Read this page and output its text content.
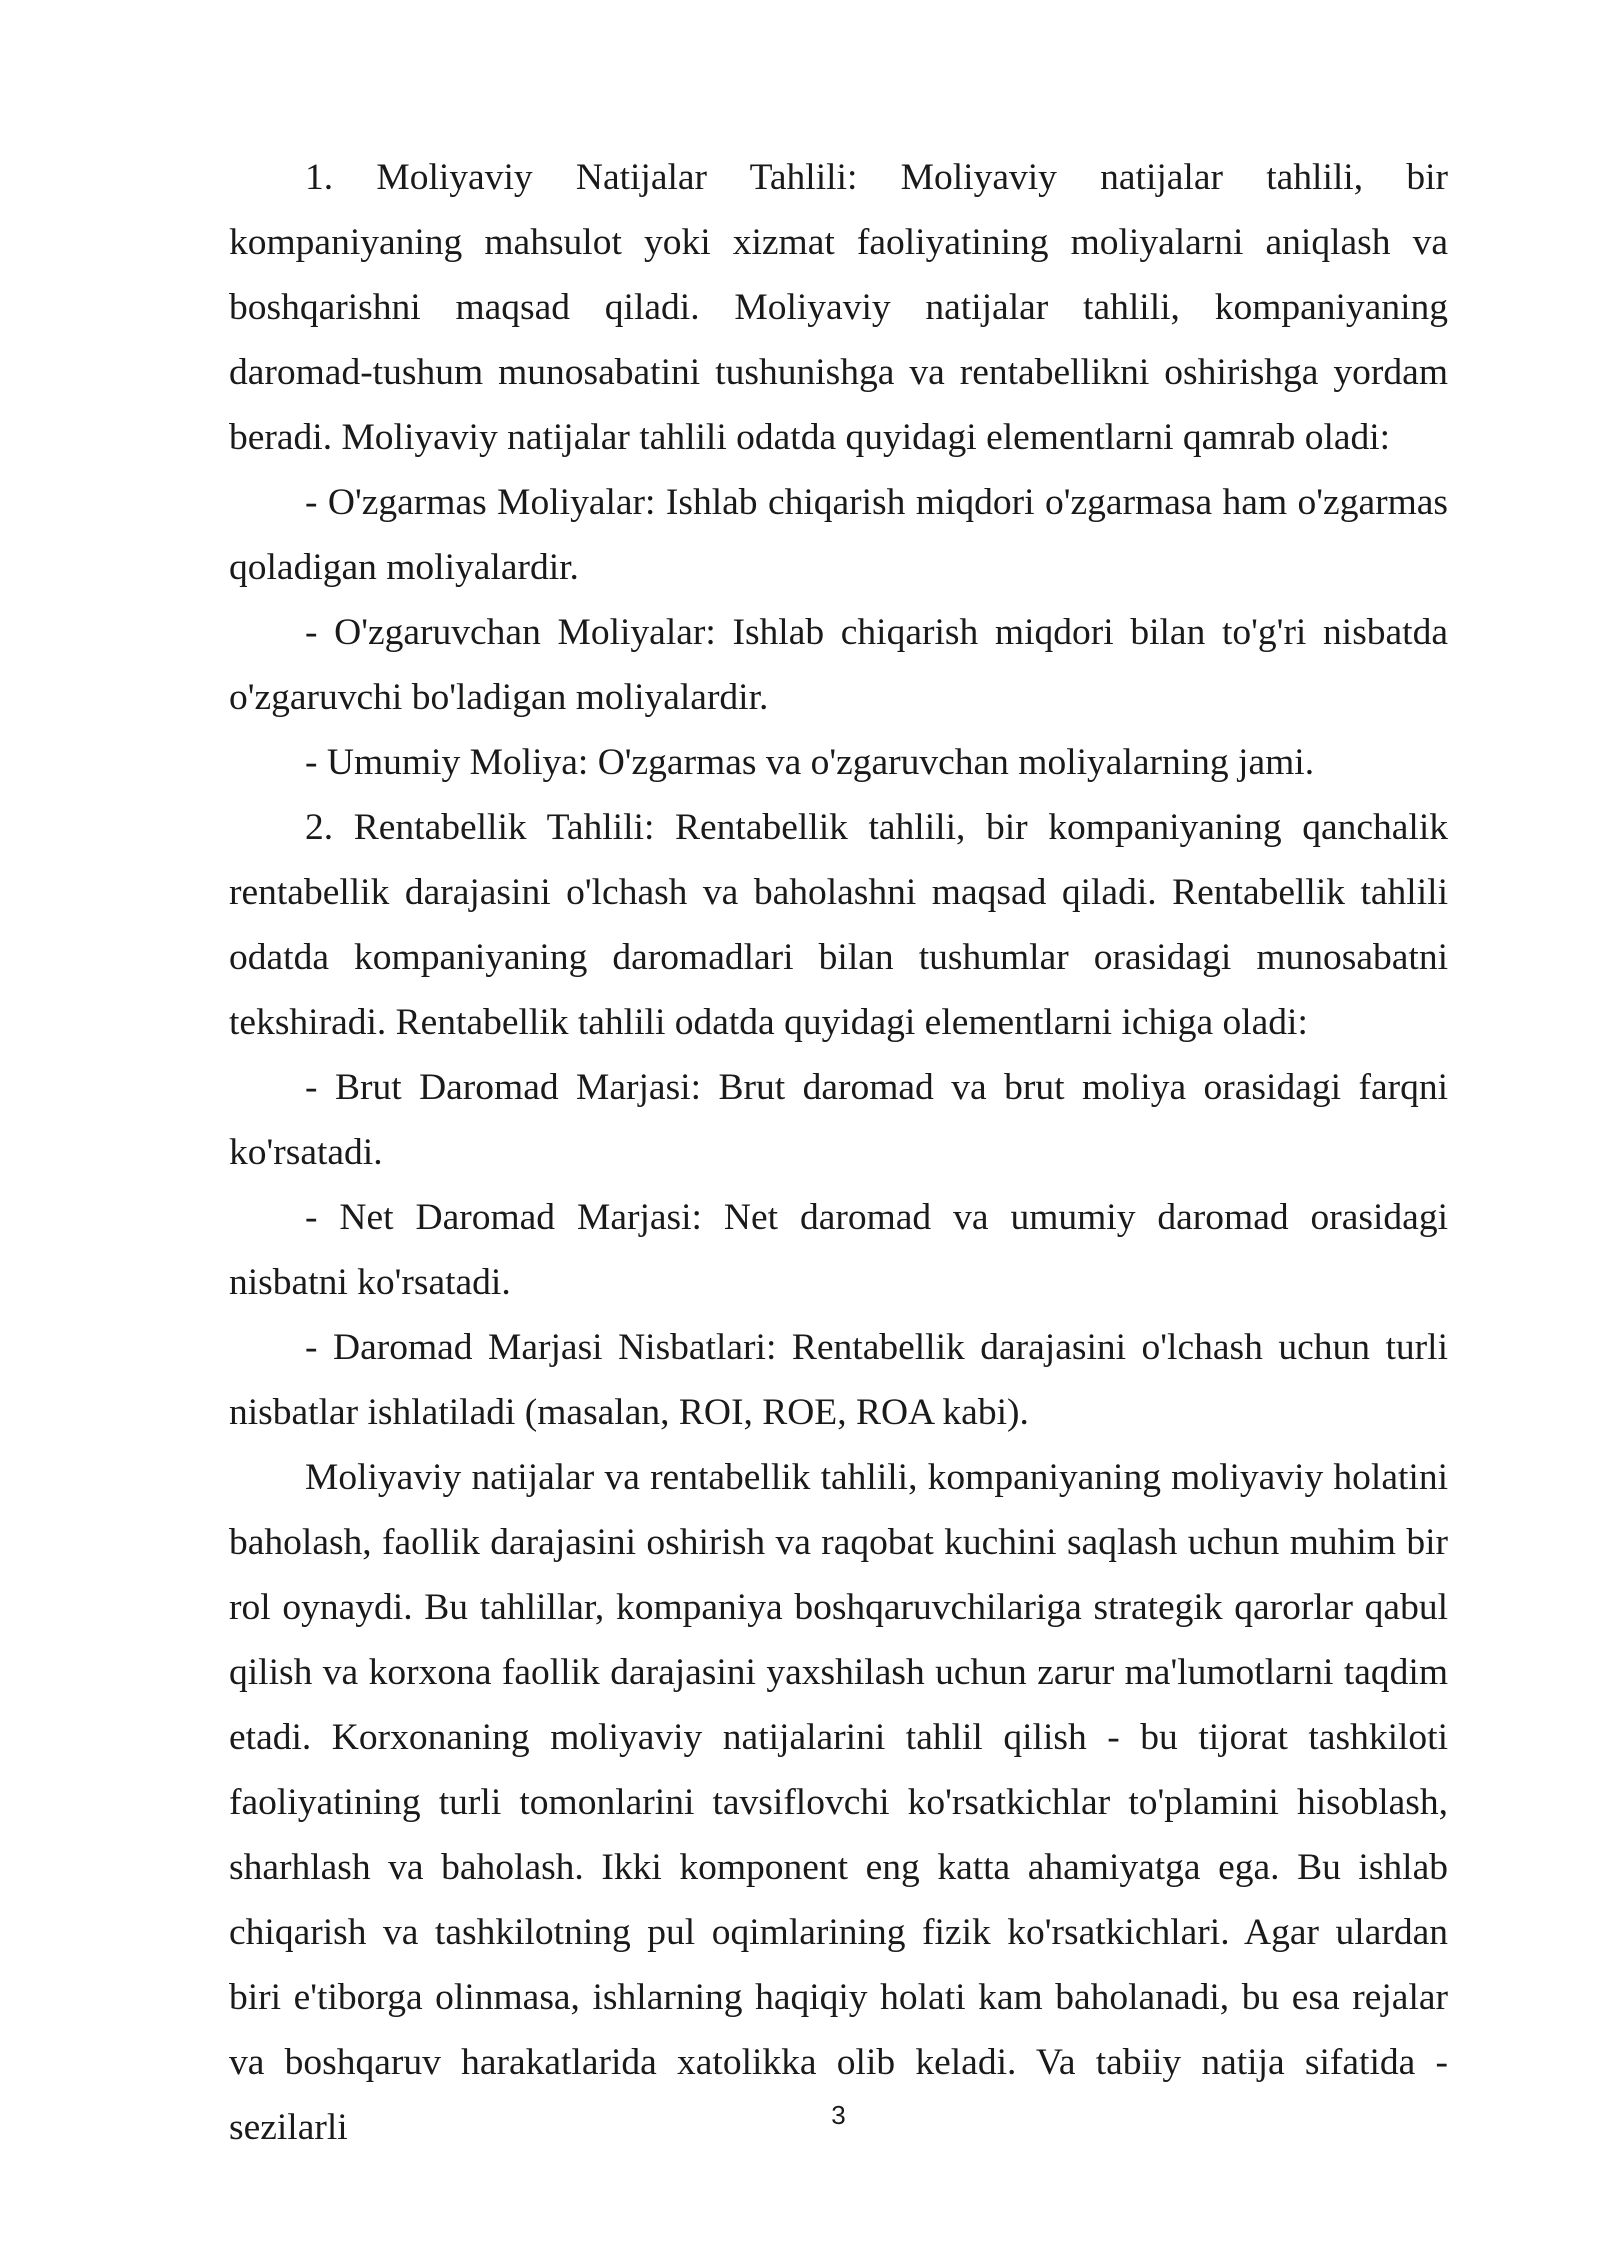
1. Moliyaviy Natijalar Tahlili: Moliyaviy natijalar tahlili, bir kompaniyaning mahsulot yoki xizmat faoliyatining moliyalarni aniqlash va boshqarishni maqsad qiladi. Moliyaviy natijalar tahlili, kompaniyaning daromad-tushum munosabatini tushunishga va rentabellikni oshirishga yordam beradi. Moliyaviy natijalar tahlili odatda quyidagi elementlarni qamrab oladi:

- O'zgarmas Moliyalar: Ishlab chiqarish miqdori o'zgarmasa ham o'zgarmas qoladigan moliyalardir.

- O'zgaruvchan Moliyalar: Ishlab chiqarish miqdori bilan to'g'ri nisbatda o'zgaruvchi bo'ladigan moliyalardir.

- Umumiy Moliya: O'zgarmas va o'zgaruvchan moliyalarning jami.

2. Rentabellik Tahlili: Rentabellik tahlili, bir kompaniyaning qanchalik rentabellik darajasini o'lchash va baholashni maqsad qiladi. Rentabellik tahlili odatda kompaniyaning daromadlari bilan tushumlar orasidagi munosabatni tekshiradi. Rentabellik tahlili odatda quyidagi elementlarni ichiga oladi:

- Brut Daromad Marjasi: Brut daromad va brut moliya orasidagi farqni ko'rsatadi.

- Net Daromad Marjasi: Net daromad va umumiy daromad orasidagi nisbatni ko'rsatadi.

- Daromad Marjasi Nisbatlari: Rentabellik darajasini o'lchash uchun turli nisbatlar ishlatiladi (masalan, ROI, ROE, ROA kabi).

Moliyaviy natijalar va rentabellik tahlili, kompaniyaning moliyaviy holatini baholash, faollik darajasini oshirish va raqobat kuchini saqlash uchun muhim bir rol oynaydi. Bu tahlillar, kompaniya boshqaruvchilariga strategik qarorlar qabul qilish va korxona faollik darajasini yaxshilash uchun zarur ma'lumotlarni taqdim etadi. Korxonaning moliyaviy natijalarini tahlil qilish - bu tijorat tashkiloti faoliyatining turli tomonlarini tavsiflovchi ko'rsatkichlar to'plamini hisoblash, sharhlash va baholash. Ikki komponent eng katta ahamiyatga ega. Bu ishlab chiqarish va tashkilotning pul oqimlarining fizik ko'rsatkichlari. Agar ulardan biri e'tiborga olinmasa, ishlarning haqiqiy holati kam baholanadi, bu esa rejalar va boshqaruv harakatlarida xatolikka olib keladi. Va tabiiy natija sifatida - sezilarli	3
